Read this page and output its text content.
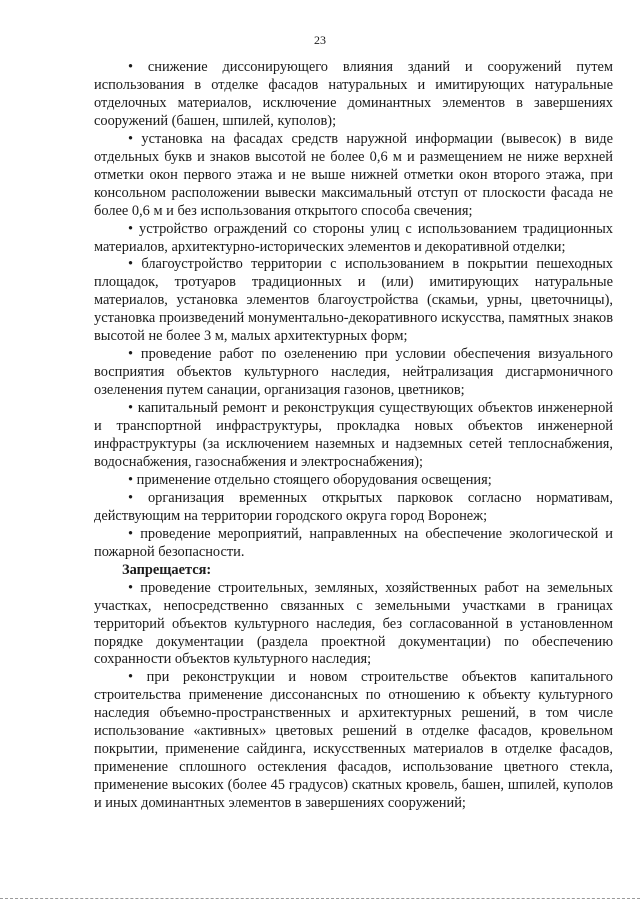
23

• снижение диссонирующего влияния зданий и сооружений путем использования в отделке фасадов натуральных и имитирующих натуральные отделочных материалов, исключение доминантных элементов в завершениях сооружений (башен, шпилей, куполов);

• установка на фасадах средств наружной информации (вывесок) в виде отдельных букв и знаков высотой не более 0,6 м и размещением не ниже верхней отметки окон первого этажа и не выше нижней отметки окон второго этажа, при консольном расположении вывески максимальный отступ от плоскости фасада не более 0,6 м и без использования открытого способа свечения;

• устройство ограждений со стороны улиц с использованием традиционных материалов, архитектурно-исторических элементов и декоративной отделки;

• благоустройство территории с использованием в покрытии пешеходных площадок, тротуаров традиционных и (или) имитирующих натуральные материалов, установка элементов благоустройства (скамьи, урны, цветочницы), установка произведений монументально-декоративного искусства, памятных знаков высотой не более 3 м, малых архитектурных форм;

• проведение работ по озеленению при условии обеспечения визуального восприятия объектов культурного наследия, нейтрализация дисгармоничного озеленения путем санации, организация газонов, цветников;

• капитальный ремонт и реконструкция существующих объектов инженерной и транспортной инфраструктуры, прокладка новых объектов инженерной инфраструктуры (за исключением наземных и надземных сетей теплоснабжения, водоснабжения, газоснабжения и электроснабжения);

• применение отдельно стоящего оборудования освещения;

• организация временных открытых парковок согласно нормативам, действующим на территории городского округа город Воронеж;

• проведение мероприятий, направленных на обеспечение экологической и пожарной безопасности.

Запрещается:

• проведение строительных, земляных, хозяйственных работ на земельных участках, непосредственно связанных с земельными участками в границах территорий объектов культурного наследия, без согласованной в установленном порядке документации (раздела проектной документации) по обеспечению сохранности объектов культурного наследия;

• при реконструкции и новом строительстве объектов капитального строительства применение диссонансных по отношению к объекту культурного наследия объемно-пространственных и архитектурных решений, в том числе использование «активных» цветовых решений в отделке фасадов, кровельном покрытии, применение сайдинга, искусственных материалов в отделке фасадов, применение сплошного остекления фасадов, использование цветного стекла, применение высоких (более 45 градусов) скатных кровель, башен, шпилей, куполов и иных доминантных элементов в завершениях сооружений;
